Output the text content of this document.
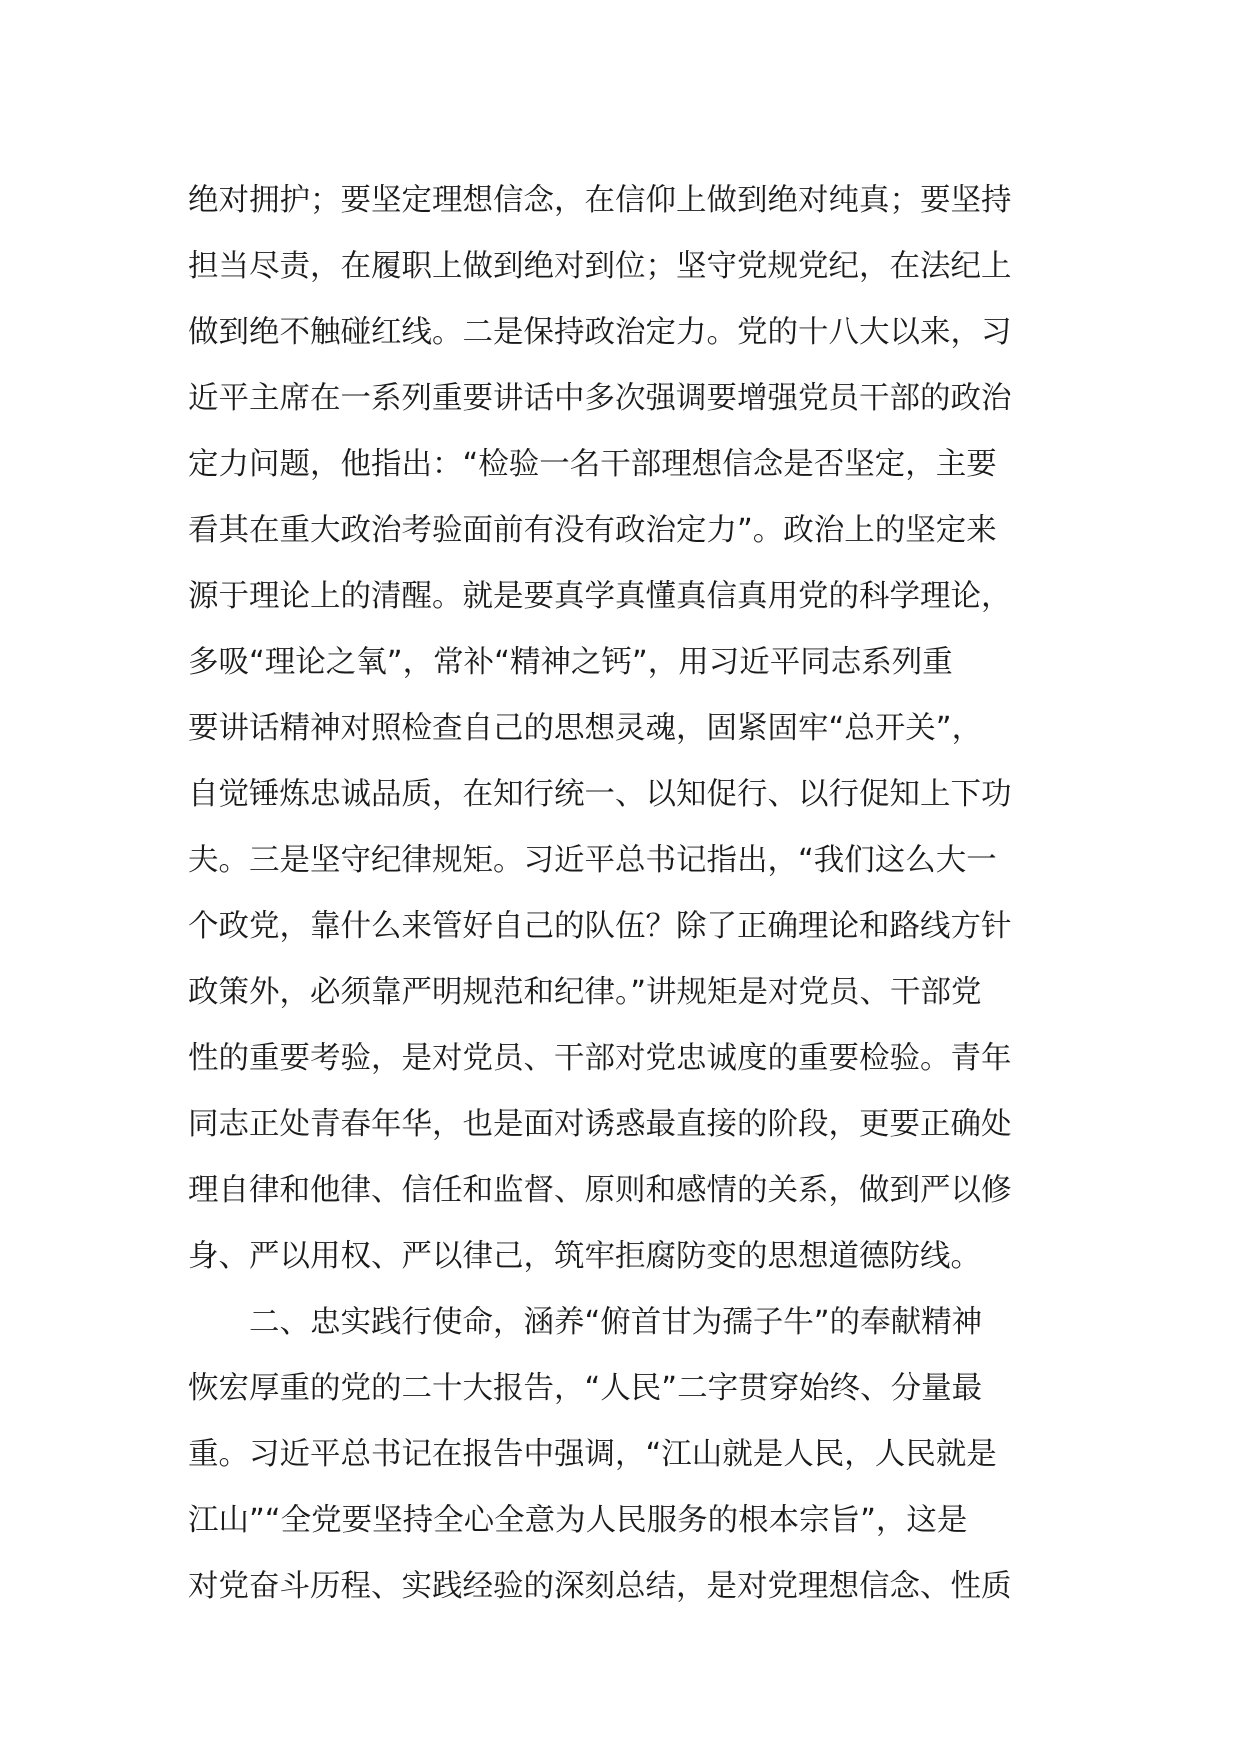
绝对拥护；要坚定理想信念，在信仰上做到绝对纯真；要坚持
担当尽责，在履职上做到绝对到位；坚守党规党纪，在法纪上
做到绝不触碰红线。二是保持政治定力。党的十八大以来，习
近平主席在一系列重要讲话中多次强调要增强党员干部的政治
定力问题，他指出：“检验一名干部理想信念是否坚定，主要
看其在重大政治考验面前有没有政治定力”。政治上的坚定来
源于理论上的清醒。就是要真学真懂真信真用党的科学理论，
多吸“理论之氧”，常补“精神之钙”，用习近平同志系列重
要讲话精神对照检查自己的思想灵魂，固紧固牢“总开关”，
自觉锤炼忠诚品质，在知行统一、以知促行、以行促知上下功
夫。三是坚守纪律规矩。习近平总书记指出，“我们这么大一
个政党，靠什么来管好自己的队伍？除了正确理论和路线方针
政策外，必须靠严明规范和纪律。”讲规矩是对党员、干部党
性的重要考验，是对党员、干部对党忠诚度的重要检验。青年
同志正处青春年华，也是面对诱惑最直接的阶段，更要正确处
理自律和他律、信任和监督、原则和感情的关系，做到严以修
身、严以用权、严以律己，筑牢拒腐防变的思想道德防线。
　　二、忠实践行使命，涵养“俯首甘为孺子牛”的奉献精神
恢宏厚重的党的二十大报告，“人民”二字贯穿始终、分量最
重。习近平总书记在报告中强调，“江山就是人民，人民就是
江山”“全党要坚持全心全意为人民服务的根本宗旨”，这是
对党奋斗历程、实践经验的深刻总结，是对党理想信念、性质
